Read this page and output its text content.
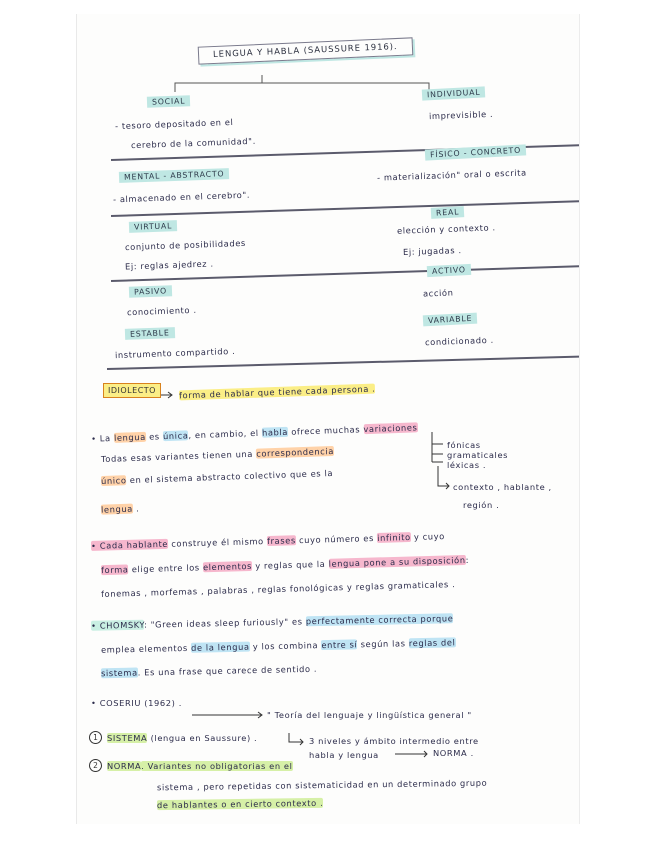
LENGUA Y HABLA (SAUSSURE 1916).
SOCIAL
- tesoro depositado en el
cerebro de la comunidad".
INDIVIDUAL
imprevisible .
MENTAL - ABSTRACTO
- almacenado en el cerebro".
FÍSICO - CONCRETO
- materialización" oral o escrita
VIRTUAL
conjunto de posibilidades
Ej: reglas ajedrez .
REAL
elección y contexto .
Ej: jugadas .
PASIVO
conocimiento .
ACTIVO
acción
ESTABLE
instrumento compartido .
VARIABLE
condicionado .
IDIOLECTO	forma de hablar que tiene cada persona .
• La lengua es única, en cambio, el habla ofrece muchas variaciones
Todas esas variantes tienen una correspondencia
único en el sistema abstracto colectivo que es la
lengua .
fónicas
gramaticales
léxicas .
contexto , hablante ,
región .
• Cada hablante construye él mismo frases cuyo número es infinito y cuyo
forma elige entre los elementos y reglas que la lengua pone a su disposición:
fonemas , morfemas , palabras , reglas fonológicas y reglas gramaticales .
• CHOMSKY: "Green ideas sleep furiously" es perfectamente correcta porque
emplea elementos de la lengua y los combina entre sí según las reglas del
sistema. Es una frase que carece de sentido .
• COSERIU (1962) .
" Teoría del lenguaje y lingüística general "
1	SISTEMA (lengua en Saussure) .	3 niveles y ámbito intermedio entre
habla y lengua	NORMA .
2	NORMA. Variantes no obligatorias en el
sistema , pero repetidas con sistematicidad en un determinado grupo
de hablantes o en cierto contexto .
